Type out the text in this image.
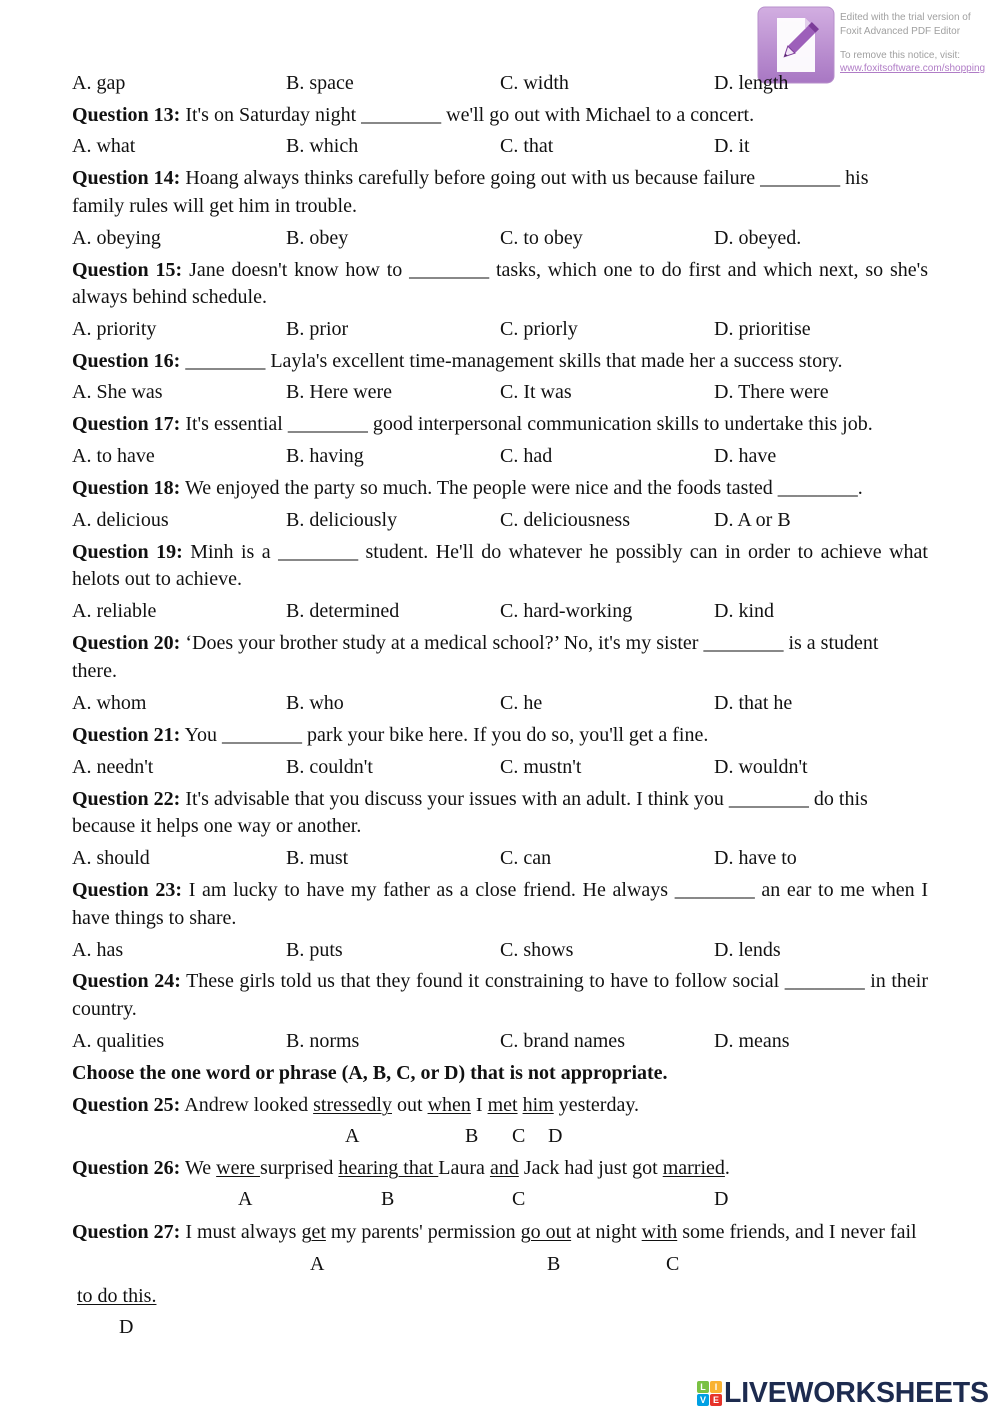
Edited with the trial version of
Foxit Advanced PDF Editor
To remove this notice, visit:
www.foxitsoftware.com/shopping
A. gap	B. space	C. width	D. length
Question 13: It's on Saturday night ________ we'll go out with Michael to a concert.
A. what	B. which	C. that	D. it
Question 14: Hoang always thinks carefully before going out with us because failure ________ his
family rules will get him in trouble.
A. obeying	B. obey	C. to obey	D. obeyed.
Question 15: Jane doesn't know how to ________ tasks, which one to do first and which next, so she's
always behind schedule.
A. priority	B. prior	C. priorly	D. prioritise
Question 16: ________ Layla's excellent time-management skills that made her a success story.
A. She was	B. Here were	C. It was	D. There were
Question 17: It's essential ________ good interpersonal communication skills to undertake this job.
A. to have	B. having	C. had	D. have
Question 18: We enjoyed the party so much. The people were nice and the foods tasted ________.
A. delicious	B. deliciously	C. deliciousness	D. A or B
Question 19: Minh is a ________ student. He'll do whatever he possibly can in order to achieve what
helots out to achieve.
A. reliable	B. determined	C. hard-working	D. kind
Question 20: ‘Does your brother study at a medical school?’ No, it's my sister ________ is a student
there.
A. whom	B. who	C. he	D. that he
Question 21: You ________ park your bike here. If you do so, you'll get a fine.
A. needn't	B. couldn't	C. mustn't	D. wouldn't
Question 22: It's advisable that you discuss your issues with an adult. I think you ________ do this
because it helps one way or another.
A. should	B. must	C. can	D. have to
Question 23: I am lucky to have my father as a close friend. He always ________ an ear to me when I
have things to share.
A. has	B. puts	C. shows	D. lends
Question 24: These girls told us that they found it constraining to have to follow social ________ in their
country.
A. qualities	B. norms	C. brand names	D. means
Choose the one word or phrase (A, B, C, or D) that is not appropriate.
Question 25: Andrew looked stressedly out when I met him yesterday.
A	B C D
Question 26: We were surprised hearing that Laura and Jack had just got married.
A	B	C	D
Question 27: I must always get my parents' permission go out at night with some friends, and I never fail
A	B	C
to do this.
D
L I
V E LIVEWORKSHEETS
